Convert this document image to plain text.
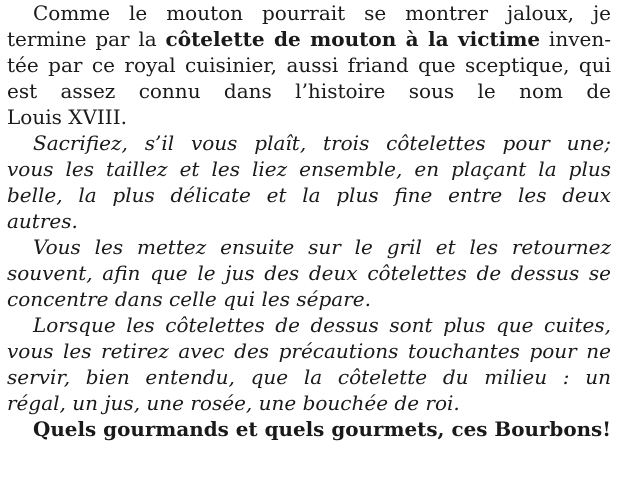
Comme le mouton pourrait se montrer jaloux, je
termine par la côtelette de mouton à la victime inven-
tée par ce royal cuisinier, aussi friand que sceptique, qui
est assez connu dans l’histoire sous le nom de
Louis XVIII.

Sacrifiez, s’il vous plaît, trois côtelettes pour une;
vous les taillez et les liez ensemble, en plaçant la plus
belle, la plus délicate et la plus fine entre les deux
autres.

Vous les mettez ensuite sur le gril et les retournez
souvent, afin que le jus des deux côtelettes de dessus se
concentre dans celle qui les sépare.

Lorsque les côtelettes de dessus sont plus que cuites,
vous les retirez avec des précautions touchantes pour ne
servir, bien entendu, que la côtelette du milieu : un
régal, un jus, une rosée, une bouchée de roi.

Quels gourmands et quels gourmets, ces Bourbons!
